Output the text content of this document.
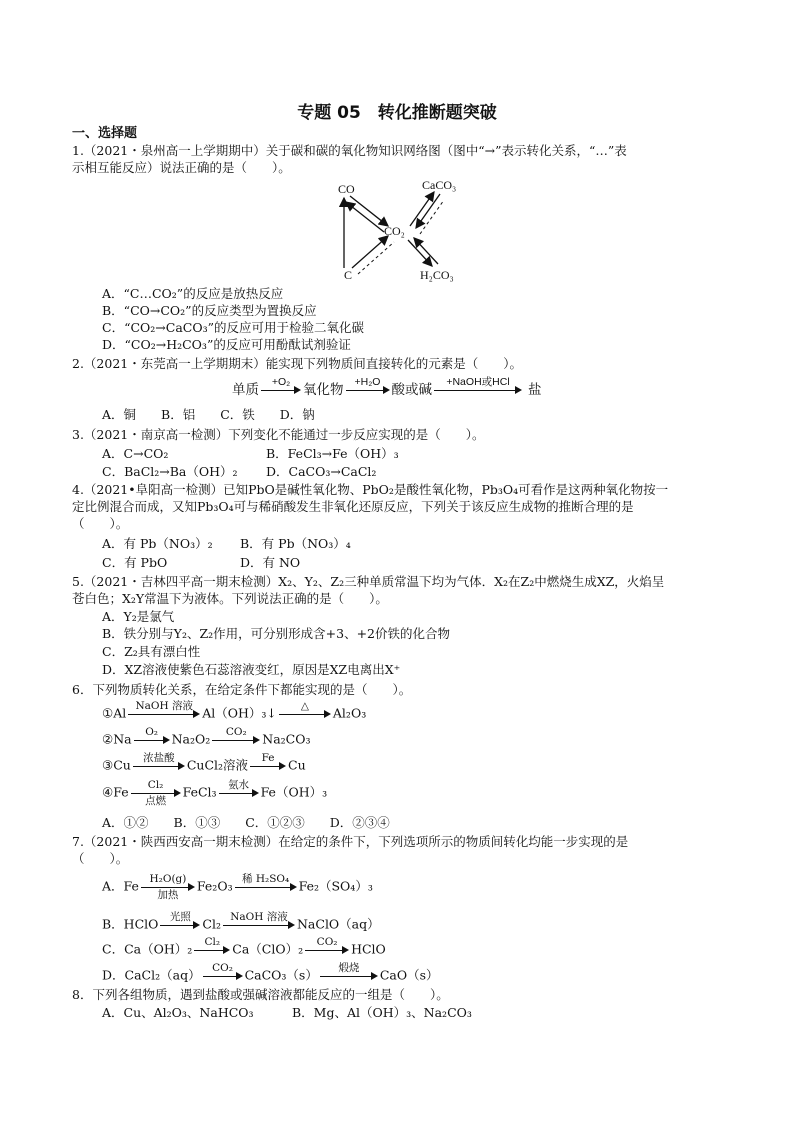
专题 05　转化推断题突破
一、选择题
1.（2021・泉州高一上学期期中）关于碳和碳的氧化物知识网络图（图中“→”表示转化关系，“…”表
示相互能反应）说法正确的是（　　）。
CO	CaCO₃
CO₂
C	H₂CO₃
A．“C…CO₂”的反应是放热反应
B．“CO→CO₂”的反应类型为置换反应
C．“CO₂→CaCO₃”的反应可用于检验二氧化碳
D．“CO₂→H₂CO₃”的反应可用酚酞试剂验证
2.（2021・东莞高一上学期期末）能实现下列物质间直接转化的元素是（　　）。
单质	+O₂ 氧化物	+H₂O 酸或碱	+NaOH或HCl	盐
A．铜　　B．铝　　C．铁　　D．钠
3.（2021・南京高一检测）下列变化不能通过一步反应实现的是（　　）。
A．C→CO₂	B．FeCl₃→Fe（OH）₃
C．BaCl₂→Ba（OH）₂ D．CaCO₃→CaCl₂
4.（2021•阜阳高一检测）已知PbO是碱性氧化物、PbO₂是酸性氧化物，Pb₃O₄可看作是这两种氧化物按一
定比例混合而成，又知Pb₃O₄可与稀硝酸发生非氧化还原反应，下列关于该反应生成物的推断合理的是
（　　）。
A．有 Pb（NO₃）₂ B．有 Pb（NO₃）₄
C．有 PbO	D．有 NO
5.（2021・吉林四平高一期末检测）X₂、Y₂、Z₂三种单质常温下均为气体．X₂在Z₂中燃烧生成XZ，火焰呈
苍白色；X₂Y常温下为液体。下列说法正确的是（　　）。
A．Y₂是氯气
B．铁分别与Y₂、Z₂作用，可分别形成含+3、+2价铁的化合物
C．Z₂具有漂白性
D．XZ溶液使紫色石蕊溶液变红，原因是XZ电离出X⁺
6．下列物质转化关系，在给定条件下都能实现的是（　　）。
①Al NaOH 溶液 Al（OH）₃↓	△	Al₂O₃
②Na	O₂	Na₂O₂	CO₂	Na₂CO₃
③Cu	浓盐酸 CuCl₂溶液	Fe	Cu
④Fe	Cl₂
点燃
FeCl₃	氨水 Fe（OH）₃
A．①②　　B．①③　　C．①②③　　D．②③④
7.（2021・陕西西安高一期末检测）在给定的条件下，下列选项所示的物质间转化均能一步实现的是
（　　）。
A．Fe	H₂O(g)
加热
Fe₂O₃ 稀 H₂SO₄ Fe₂（SO₄）₃
B．HClO	光照 Cl₂ NaOH 溶液 NaClO（aq）
C．Ca（OH）₂	Cl₂ Ca（ClO）₂	CO₂	HClO
D．CaCl₂（aq）	CO₂ CaCO₃（s）	煅烧	CaO（s）
8．下列各组物质，遇到盐酸或强碱溶液都能反应的一组是（　　）。
A．Cu、Al₂O₃、NaHCO₃	B．Mg、Al（OH）₃、Na₂CO₃
